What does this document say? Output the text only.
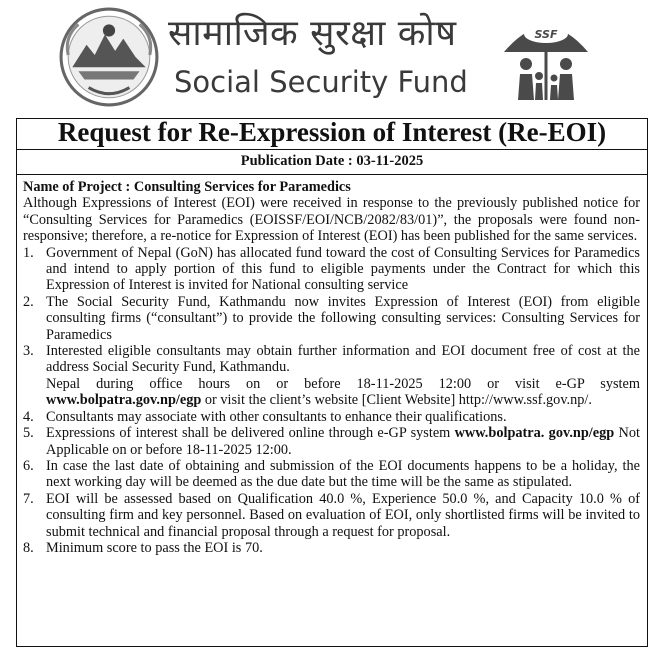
सामाजिक सुरक्षा कोष
Social Security Fund
SSF
Request for Re-Expression of Interest (Re-EOI)
Publication Date : 03-11-2025

Name of Project : Consulting Services for Paramedics

Although Expressions of Interest (EOI) were received in response to the previously published notice for “Consulting Services for Paramedics (EOISSF/EOI/NCB/2082/83/01)”, the proposals were found non-responsive; therefore, a re-notice for Expression of Interest (EOI) has been published for the same services.

1. Government of Nepal (GoN) has allocated fund toward the cost of Consulting Services for Paramedics and intend to apply portion of this fund to eligible payments under the Contract for which this Expression of Interest is invited for National consulting service
2. The Social Security Fund, Kathmandu now invites Expression of Interest (EOI) from eligible consulting firms (“consultant”) to provide the following consulting services: Consulting Services for Paramedics
3. Interested eligible consultants may obtain further information and EOI document free of cost at the address Social Security Fund, Kathmandu.
Nepal during office hours on or before 18-11-2025 12:00 or visit e-GP system www.bolpatra.gov.np/egp or visit the client’s website [Client Website] http://www.ssf.gov.np/.
4. Consultants may associate with other consultants to enhance their qualifications.
5. Expressions of interest shall be delivered online through e-GP system www.bolpatra. gov.np/egp Not Applicable on or before 18-11-2025 12:00.
6. In case the last date of obtaining and submission of the EOI documents happens to be a holiday, the next working day will be deemed as the due date but the time will be the same as stipulated.
7. EOI will be assessed based on Qualification 40.0 %, Experience 50.0 %, and Capacity 10.0 % of consulting firm and key personnel. Based on evaluation of EOI, only shortlisted firms will be invited to submit technical and financial proposal through a request for proposal.
8. Minimum score to pass the EOI is 70.
